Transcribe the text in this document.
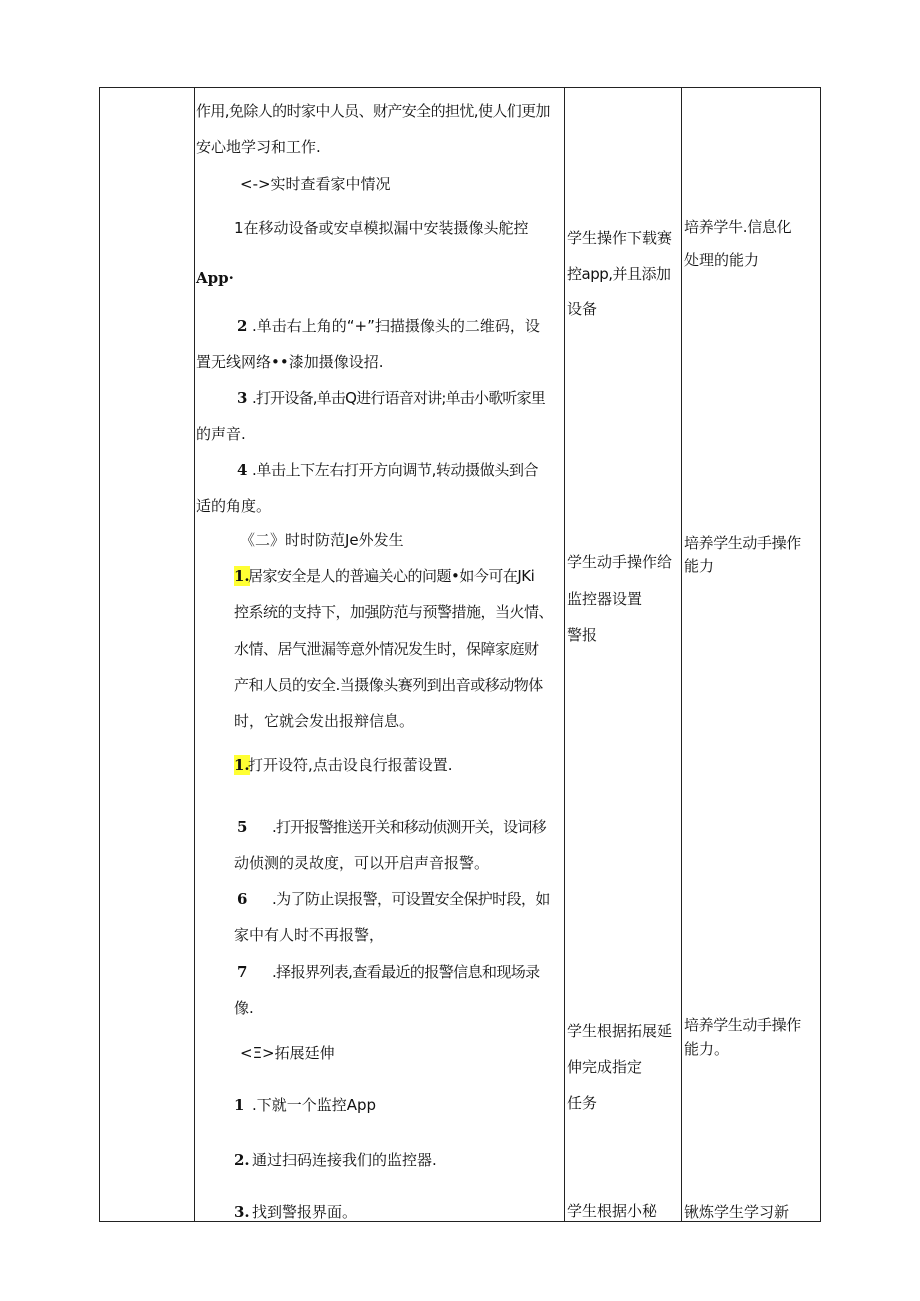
作用,免除人的时家中人员、财产安全的担忧,使人们更加
安心地学习和工作.
<->实时查看家中情况
1在移动设备或安卓模拟漏中安装摄像头舵控
App·
2 .单击右上角的“+”扫描摄像头的二维码，设
置无线网络••漆加摄像设招.
3 .打开设备,单击Q进行语音对讲;单击小歌听家里
的声音.
4 .单击上下左右打开方向调节,转动摄做头到合
适的角度。
《二》时时防范Je外发生
1.
居家安全是人的普遍关心的问题•如今可在JKi
控系统的支持下，加强防范与预警措施，当火情、
水情、居气泄漏等意外情况发生时，保障家庭财
产和人员的安全.当摄像头赛列到出音或移动物体
时，它就会发出报辩信息。
1.
打开设符,点击设良行报蕾设置.
5 .打开报警推送开关和移动侦测开关，设词移
动侦测的灵故度，可以开启声音报警。
6 .为了防止误报警，可设置安全保护时段，如
家中有人时不再报警，
7 .择报界列表,查看最近的报警信息和现场录
像.
<Ξ>拓展廷伸
1 .下就一个监控App
2. 通过扫码连接我们的监控器.
3. 找到警报界面。
学生操作下载赛
控app,并且添加
设备
学生动手操作给
监控器设置
警报
学生根据拓展延
伸完成指定
任务
学生根据小秘
培养学牛.信息化
处理的能力
培养学生动手操作
能力
培养学生动手操作
能力。
锹炼学生学习新
